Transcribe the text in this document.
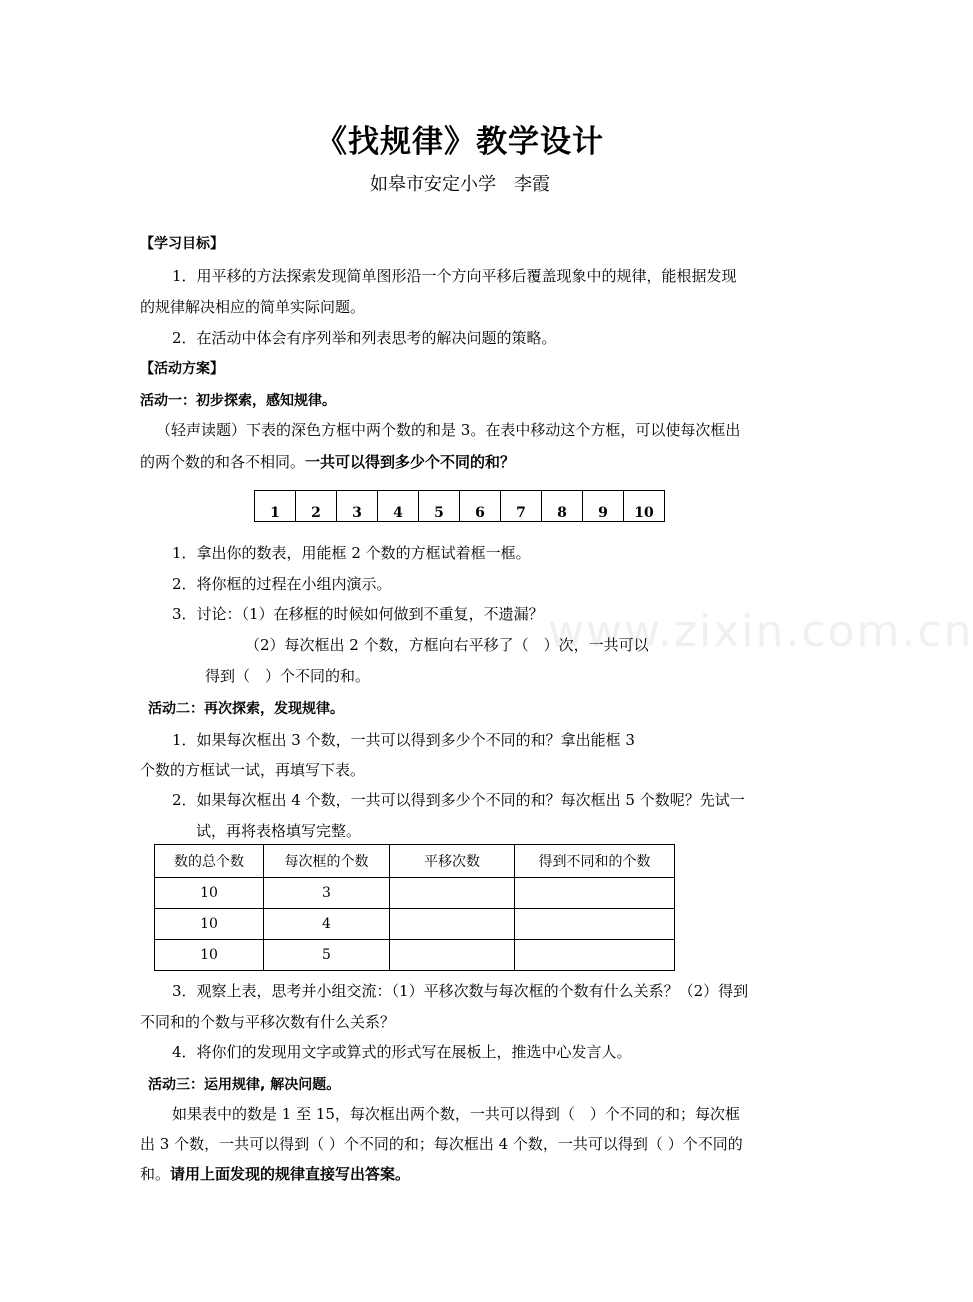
《找规律》教学设计
如皋市安定小学　李霞
【学习目标】
1．用平移的方法探索发现简单图形沿一个方向平移后覆盖现象中的规律，能根据发现
的规律解决相应的简单实际问题。
2．在活动中体会有序列举和列表思考的解决问题的策略。
【活动方案】
活动一：初步探索，感知规律。
（轻声读题）下表的深色方框中两个数的和是 3。在表中移动这个方框，可以使每次框出
的两个数的和各不相同。一共可以得到多少个不同的和？
1	2	3	4	5	6	7	8	9	10
1．拿出你的数表，用能框 2 个数的方框试着框一框。
2．将你框的过程在小组内演示。
3．讨论：（1）在移框的时候如何做到不重复，不遗漏？ www.zixin.com.cn
（2）每次框出 2 个数，方框向右平移了（　）次，一共可以
得到（　）个不同的和。
活动二：再次探索，发现规律。
1．如果每次框出 3 个数，一共可以得到多少个不同的和？拿出能框 3
个数的方框试一试，再填写下表。
2．如果每次框出 4 个数，一共可以得到多少个不同的和？每次框出 5 个数呢？先试一
试，再将表格填写完整。
数的总个数	每次框的个数	平移次数	得到不同和的个数
10	3		
10	4		
10	5		
3．观察上表，思考并小组交流：（1）平移次数与每次框的个数有什么关系？（2）得到
不同和的个数与平移次数有什么关系？
4．将你们的发现用文字或算式的形式写在展板上，推选中心发言人。
活动三：运用规律, 解决问题。
如果表中的数是 1 至 15，每次框出两个数，一共可以得到（　）个不同的和；每次框
出 3 个数，一共可以得到（ ）个不同的和；每次框出 4 个数，一共可以得到（ ）个不同的
和。请用上面发现的规律直接写出答案。
